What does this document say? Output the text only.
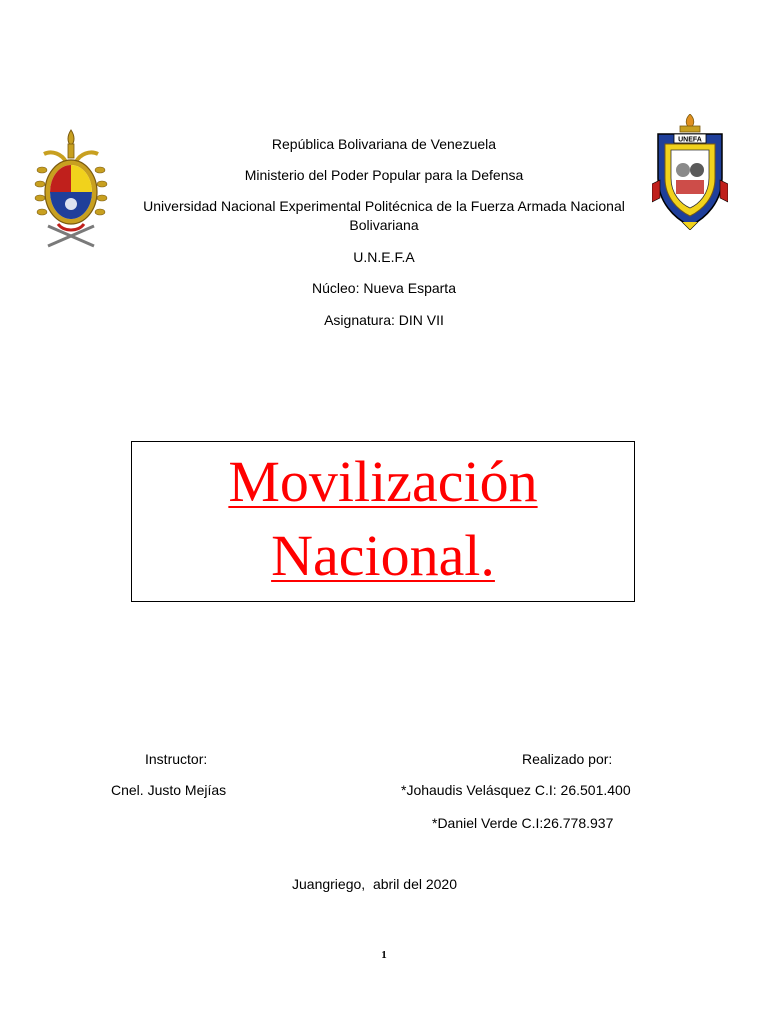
UNEFA

República Bolivariana de Venezuela

Ministerio del Poder Popular para la Defensa

Universidad Nacional Experimental Politécnica de la Fuerza Armada Nacional

Bolivariana

U.N.E.F.A

Núcleo: Nueva Esparta

Asignatura: DIN VII

Movilización

Nacional.

Instructor:

Cnel. Justo Mejías

Realizado por:

*Johaudis Velásquez C.I: 26.501.400

*Daniel Verde C.I:26.778.937

Juangriego,  abril del 2020

1
